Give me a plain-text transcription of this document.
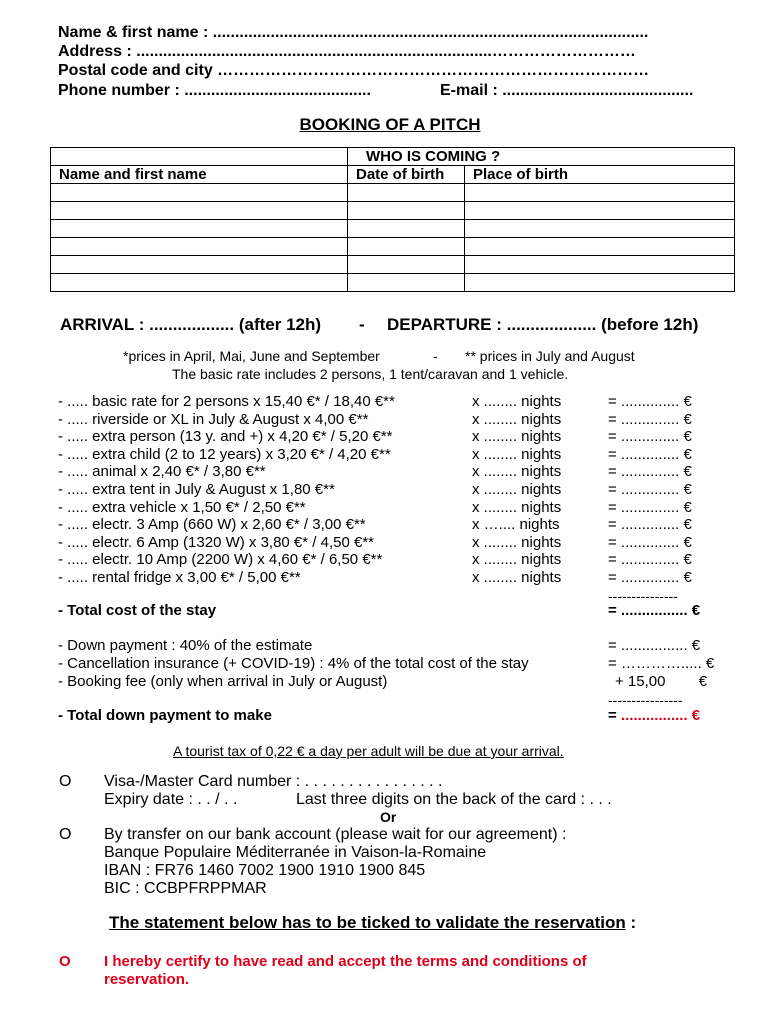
Name & first name : ..................................................................................................
Address : ................................................................................………………………
Postal code and city ………………………………………………………………………
Phone number : ..........................................	E-mail : ...........................................
BOOKING OF A PITCH
	WHO IS COMING ?	
Name and first name	Date of birth	Place of birth

ARRIVAL : .................. (after 12h) - DEPARTURE : ................... (before 12h)
*prices in April, Mai, June and September	- ** prices in July and August
The basic rate includes 2 persons, 1 tent/caravan and 1 vehicle.
- ..... basic rate for 2 persons x 15,40 €* / 18,40 €**	x ........ nights	= .............. €
- ..... riverside or XL in July & August x 4,00 €**	x ........ nights	= .............. €
- ..... extra person (13 y. and +) x 4,20 €* / 5,20 €**	x ........ nights	= .............. €
- ..... extra child (2 to 12 years) x 3,20 €* / 4,20 €**	x ........ nights	= .............. €
- ..... animal x 2,40 €* / 3,80 €**	x ........ nights	= .............. €
- ..... extra tent in July & August x 1,80 €**	x ........ nights	= .............. €
- ..... extra vehicle x 1,50 €* / 2,50 €**	x ........ nights	= .............. €
- ..... electr. 3 Amp (660 W) x 2,60 €* / 3,00 €**	x ….... nights	= .............. €
- ..... electr. 6 Amp (1320 W) x 3,80 €* / 4,50 €**	x ........ nights	= .............. €
- ..... electr. 10 Amp (2200 W) x 4,60 €* / 6,50 €**	x ........ nights	= .............. €
- ..... rental fridge x 3,00 €* / 5,00 €**	x ........ nights	= .............. €
---------------
- Total cost of the stay	= ................ €
- Down payment : 40% of the estimate	= ................ €
- Cancellation insurance (+ COVID-19) : 4% of the total cost of the stay	= …………..... €
- Booking fee (only when arrival in July or August)	+ 15,00        €
----------------
- Total down payment to make	= ................ €
A tourist tax of 0,22 € a day per adult will be due at your arrival.
O Visa-/Master Card number : . . . . . . . . . . . . . . . .
Expiry date : . . / . .	Last three digits on the back of the card : . . .
Or
O By transfer on our bank account (please wait for our agreement) :
Banque Populaire Méditerranée in Vaison-la-Romaine
IBAN : FR76 1460 7002 1900 1910 1900 845
BIC : CCBPFRPPMAR
The statement below has to be ticked to validate the reservation :
O I hereby certify to have read and accept the terms and conditions of
reservation.
